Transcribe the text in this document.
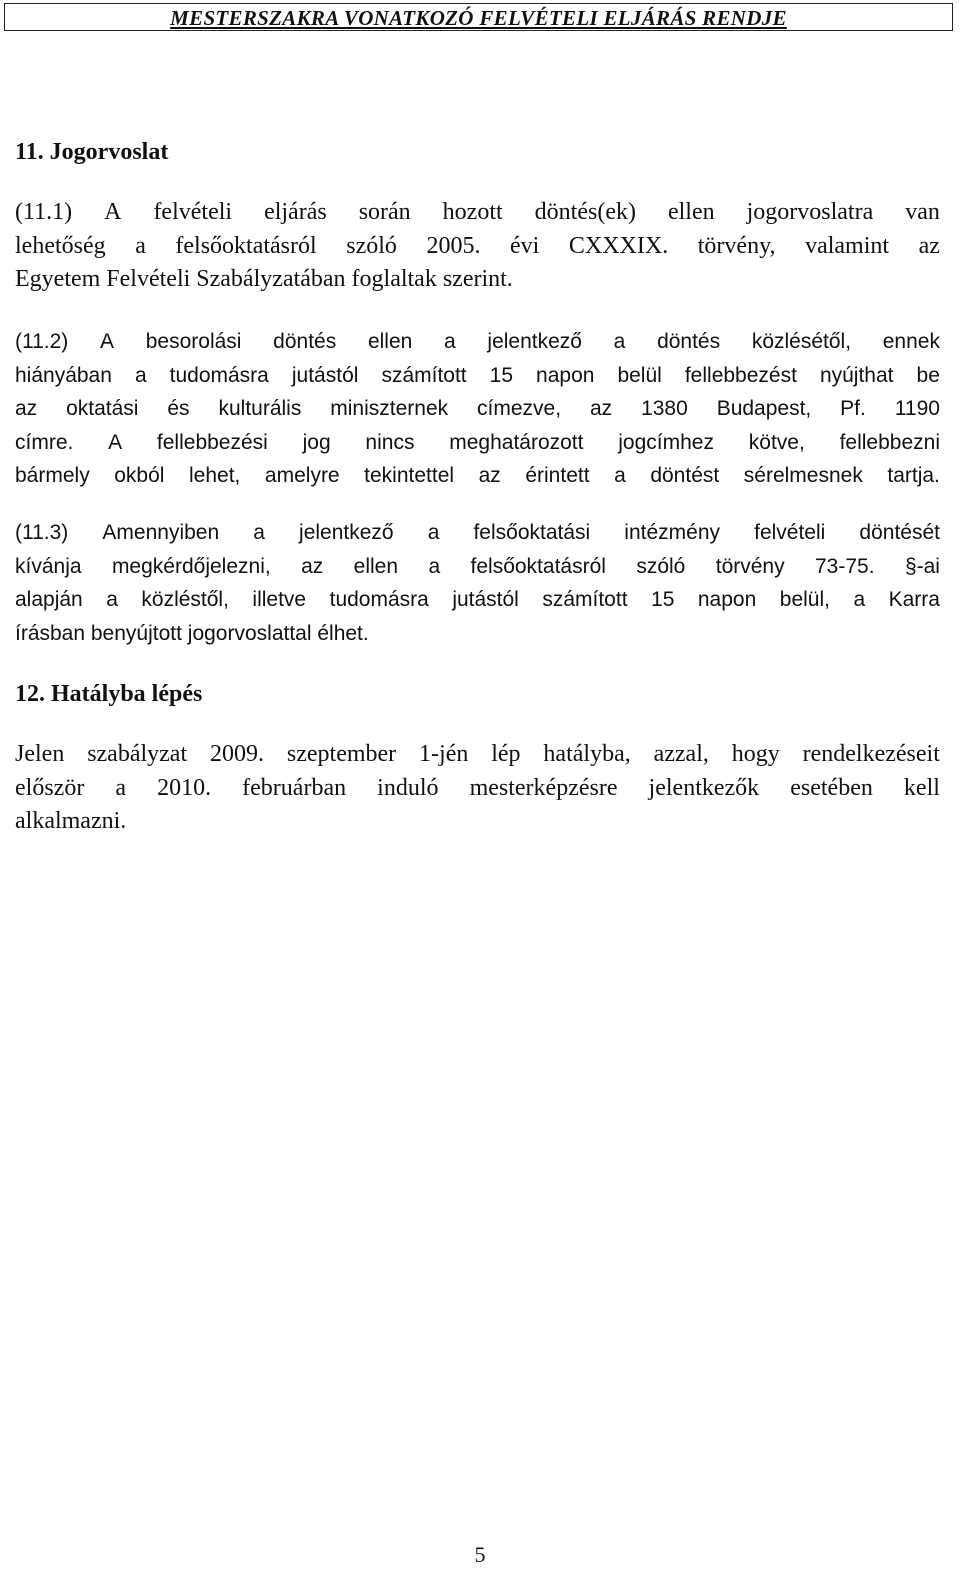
MESTERSZAKRA VONATKOZÓ FELVÉTELI ELJÁRÁS RENDJE
11. Jogorvoslat
(11.1) A felvételi eljárás során hozott döntés(ek) ellen jogorvoslatra van
lehetőség a felsőoktatásról szóló 2005. évi CXXXIX. törvény, valamint az
Egyetem Felvételi Szabályzatában foglaltak szerint.
(11.2) A besorolási döntés ellen a jelentkező a döntés közlésétől, ennek
hiányában a tudomásra jutástól számított 15 napon belül fellebbezést nyújthat be
az oktatási és kulturális miniszternek címezve, az 1380 Budapest, Pf. 1190
címre. A fellebbezési jog nincs meghatározott jogcímhez kötve, fellebbezni
bármely okból lehet, amelyre tekintettel az érintett a döntést sérelmesnek tartja.
(11.3) Amennyiben a jelentkező a felsőoktatási intézmény felvételi döntését
kívánja megkérdőjelezni, az ellen a felsőoktatásról szóló törvény 73-75. §-ai
alapján a közléstől, illetve tudomásra jutástól számított 15 napon belül, a Karra
írásban benyújtott jogorvoslattal élhet.
12. Hatályba lépés
Jelen szabályzat 2009. szeptember 1-jén lép hatályba, azzal, hogy rendelkezéseit
először a 2010. februárban induló mesterképzésre jelentkezők esetében kell
alkalmazni.
5
